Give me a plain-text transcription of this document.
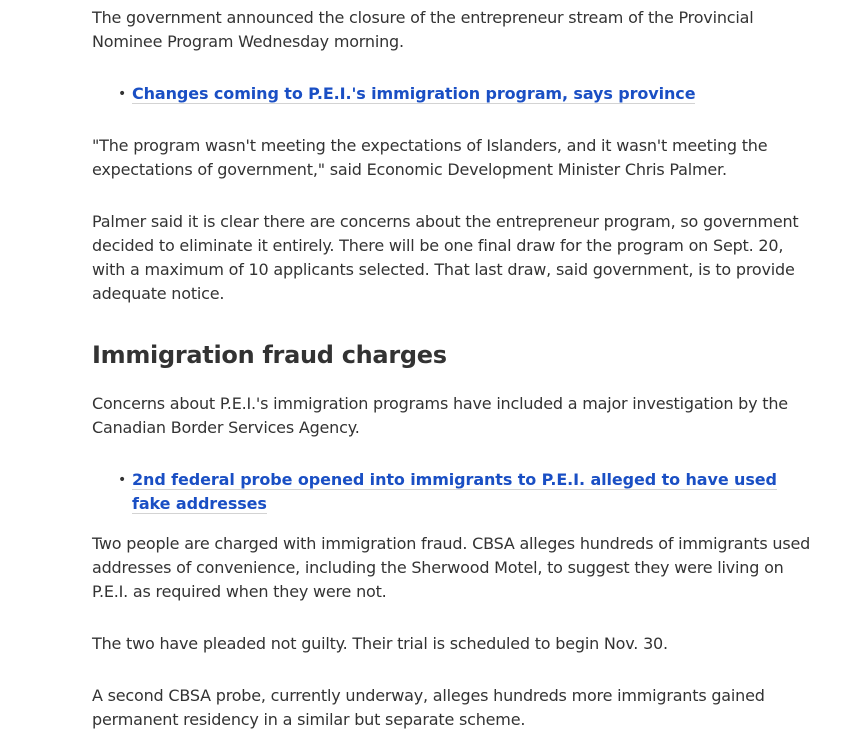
The government announced the closure of the entrepreneur stream of the Provincial Nominee Program Wednesday morning.

• Changes coming to P.E.I.'s immigration program, says province

"The program wasn't meeting the expectations of Islanders, and it wasn't meeting the expectations of government," said Economic Development Minister Chris Palmer.

Palmer said it is clear there are concerns about the entrepreneur program, so government decided to eliminate it entirely. There will be one final draw for the program on Sept. 20, with a maximum of 10 applicants selected. That last draw, said government, is to provide adequate notice.

Immigration fraud charges

Concerns about P.E.I.'s immigration programs have included a major investigation by the Canadian Border Services Agency.

• 2nd federal probe opened into immigrants to P.E.I. alleged to have used fake addresses

Two people are charged with immigration fraud. CBSA alleges hundreds of immigrants used addresses of convenience, including the Sherwood Motel, to suggest they were living on P.E.I. as required when they were not.

The two have pleaded not guilty. Their trial is scheduled to begin Nov. 30.

A second CBSA probe, currently underway, alleges hundreds more immigrants gained permanent residency in a similar but separate scheme.
